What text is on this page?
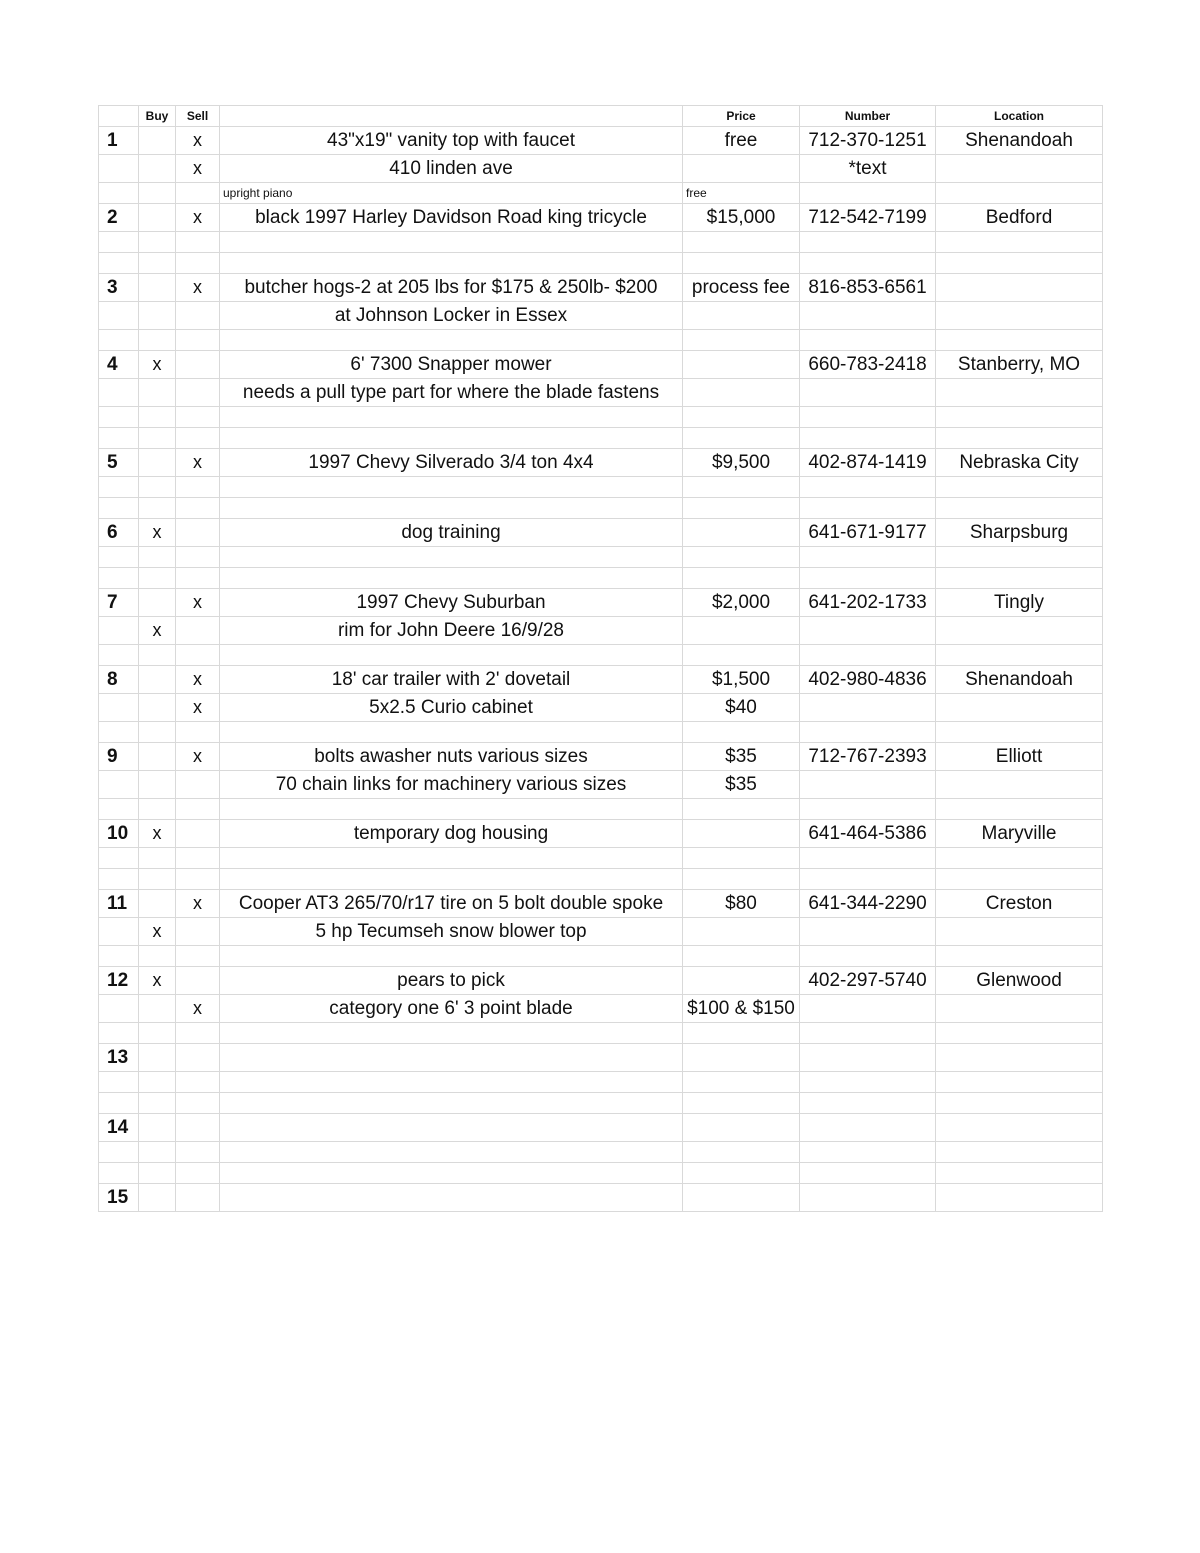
	Buy	Sell		Price	Number	Location
1		x	43"x19" vanity top with faucet	free	712-370-1251	Shenandoah
		x	410 linden ave		*text	
			upright piano	free		
2		x	black 1997 Harley Davidson Road king tricycle	$15,000	712-542-7199	Bedford

3		x	butcher hogs-2 at 205 lbs for $175 & 250lb- $200	process fee	816-853-6561	
			at Johnson Locker in Essex			

4	x		6' 7300 Snapper mower		660-783-2418	Stanberry, MO
			needs a pull type part for where the blade fastens			

5		x	1997 Chevy Silverado 3/4 ton 4x4	$9,500	402-874-1419	Nebraska City

6	x		dog training		641-671-9177	Sharpsburg

7		x	1997 Chevy Suburban	$2,000	641-202-1733	Tingly
	x		rim for John Deere 16/9/28			

8		x	18' car trailer with 2' dovetail	$1,500	402-980-4836	Shenandoah
		x	5x2.5 Curio cabinet	$40		

9		x	bolts awasher nuts various sizes	$35	712-767-2393	Elliott
			70 chain links for machinery various sizes	$35		

10	x		temporary dog housing		641-464-5386	Maryville

11		x	Cooper AT3 265/70/r17 tire on 5 bolt double spoke	$80	641-344-2290	Creston
	x		5 hp Tecumseh snow blower top			

12	x		pears to pick		402-297-5740	Glenwood
		x	category one 6' 3 point blade	$100 & $150		

13						

14						

15						
